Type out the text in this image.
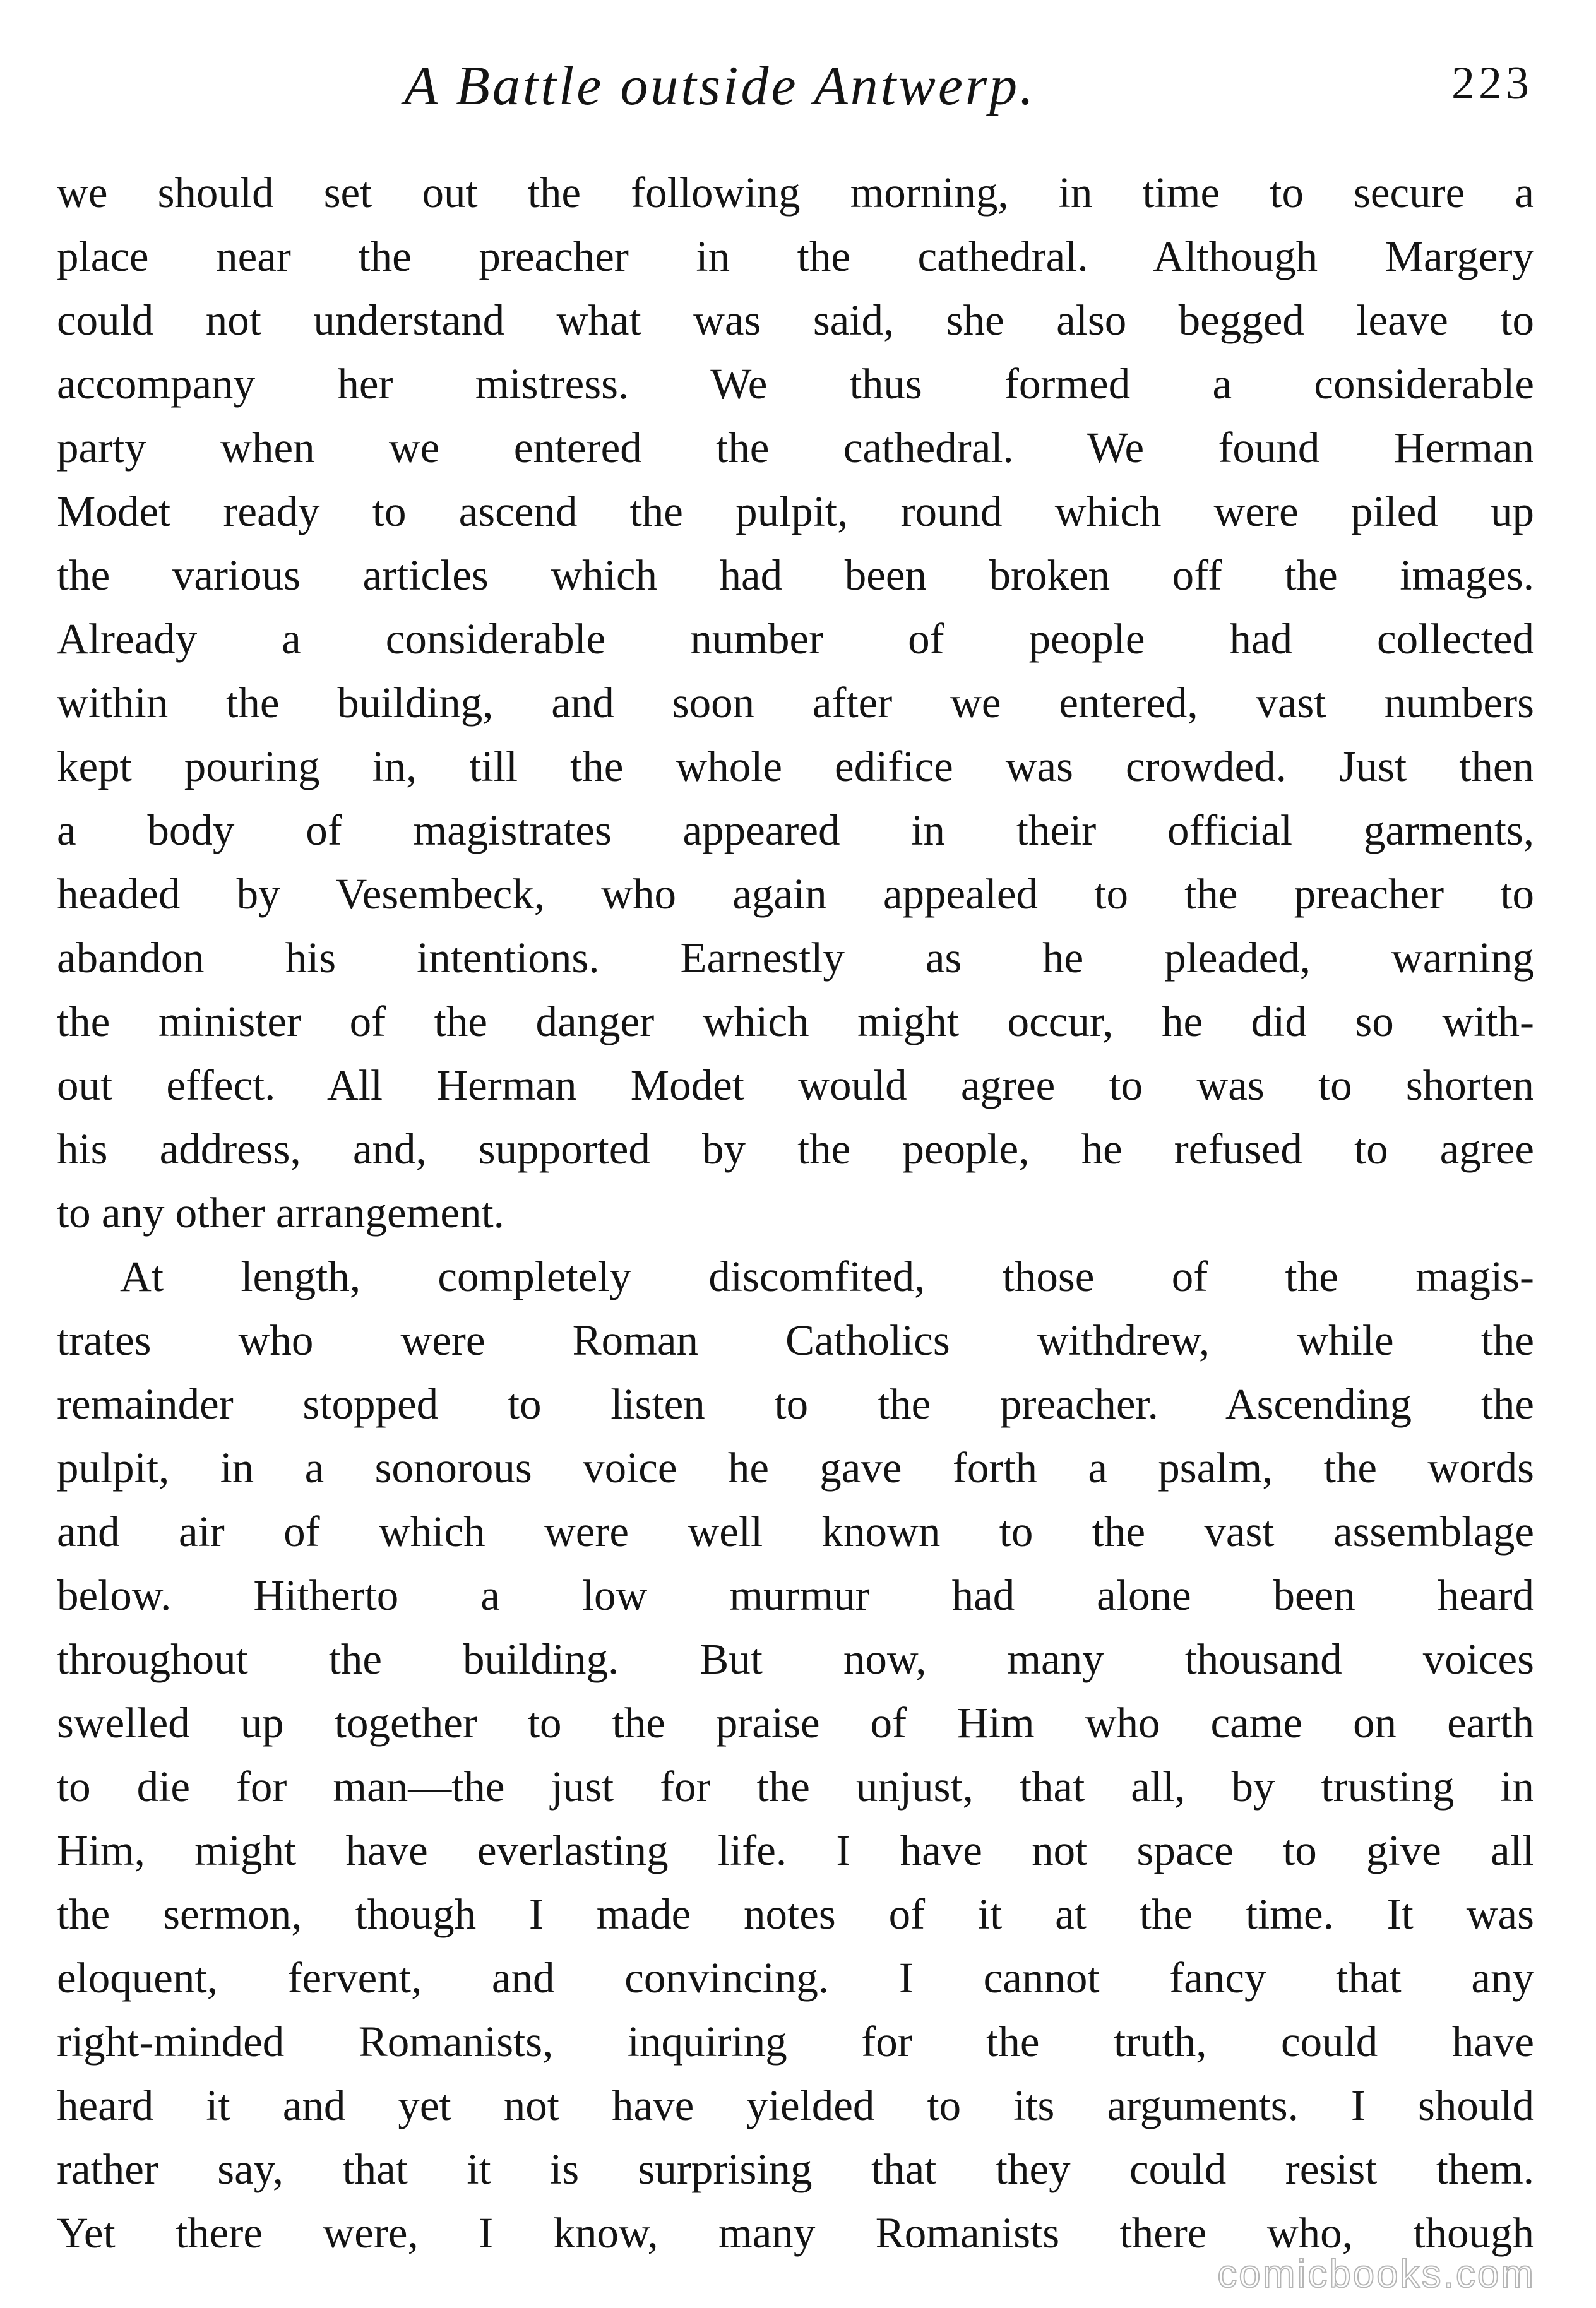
A Battle outside Antwerp.	223
we should set out the following morning, in time to secure a
place near the preacher in the cathedral. Although Margery
could not understand what was said, she also begged leave to
accompany her mistress. We thus formed a considerable
party when we entered the cathedral. We found Herman
Modet ready to ascend the pulpit, round which were piled up
the various articles which had been broken off the images.
Already a considerable number of people had collected
within the building, and soon after we entered, vast numbers
kept pouring in, till the whole edifice was crowded. Just then
a body of magistrates appeared in their official garments,
headed by Vesembeck, who again appealed to the preacher to
abandon his intentions. Earnestly as he pleaded, warning
the minister of the danger which might occur, he did so with-
out effect. All Herman Modet would agree to was to shorten
his address, and, supported by the people, he refused to agree
to any other arrangement.
At length, completely discomfited, those of the magis-
trates who were Roman Catholics withdrew, while the
remainder stopped to listen to the preacher. Ascending the
pulpit, in a sonorous voice he gave forth a psalm, the words
and air of which were well known to the vast assemblage
below. Hitherto a low murmur had alone been heard
throughout the building. But now, many thousand voices
swelled up together to the praise of Him who came on earth
to die for man—the just for the unjust, that all, by trusting in
Him, might have everlasting life. I have not space to give all
the sermon, though I made notes of it at the time. It was
eloquent, fervent, and convincing. I cannot fancy that any
right-minded Romanists, inquiring for the truth, could have
heard it and yet not have yielded to its arguments. I should
rather say, that it is surprising that they could resist them.
Yet there were, I know, many Romanists there who, though
comicbooks.com
